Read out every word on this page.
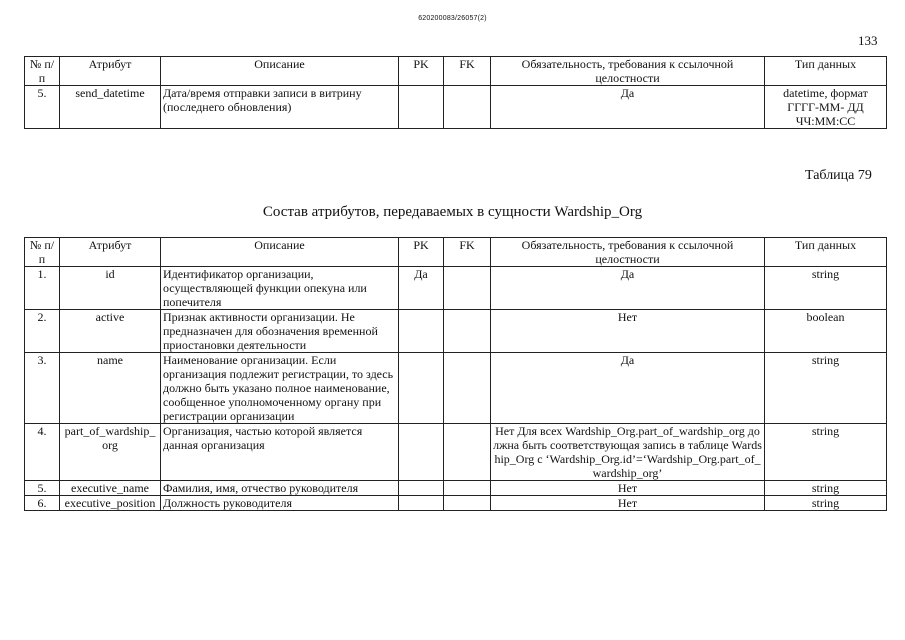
620200083/26057(2)
133
№ п/п	Атрибут	Описание	PK	FK	Обязательность, требования к ссылочной целостности	Тип данных
5.	send_datetime	Дата/время отправки записи в витрину (последнего обновления)			Да	datetime, формат ГГГГ-ММ- ДД ЧЧ:ММ:СС
Таблица 79
Состав атрибутов, передаваемых в сущности Wardship_Org
№ п/п	Атрибут	Описание	PK	FK	Обязательность, требования к ссылочной целостности	Тип данных
1.	id	Идентификатор организации, осуществляющей функции опекуна или попечителя	Да		Да	string
2.	active	Признак активности организации. Не предназначен для обозначения временной приостановки деятельности			Нет	boolean
3.	name	Наименование организации. Если организация подлежит регистрации, то здесь должно быть указано полное наименование, сообщенное уполномоченному органу при регистрации организации			Да	string
4.	part_of_wardship_org	Организация, частью которой является данная организация			Нет Для всех Wardship_Org.part_of_wardship_org должна быть соответствующая запись в таблице Wardship_Org с ‘Wardship_Org.id’=‘Wardship_Org.part_of_wardship_org’	string
5.	executive_name	Фамилия, имя, отчество руководителя			Нет	string
6.	executive_position	Должность руководителя			Нет	string
